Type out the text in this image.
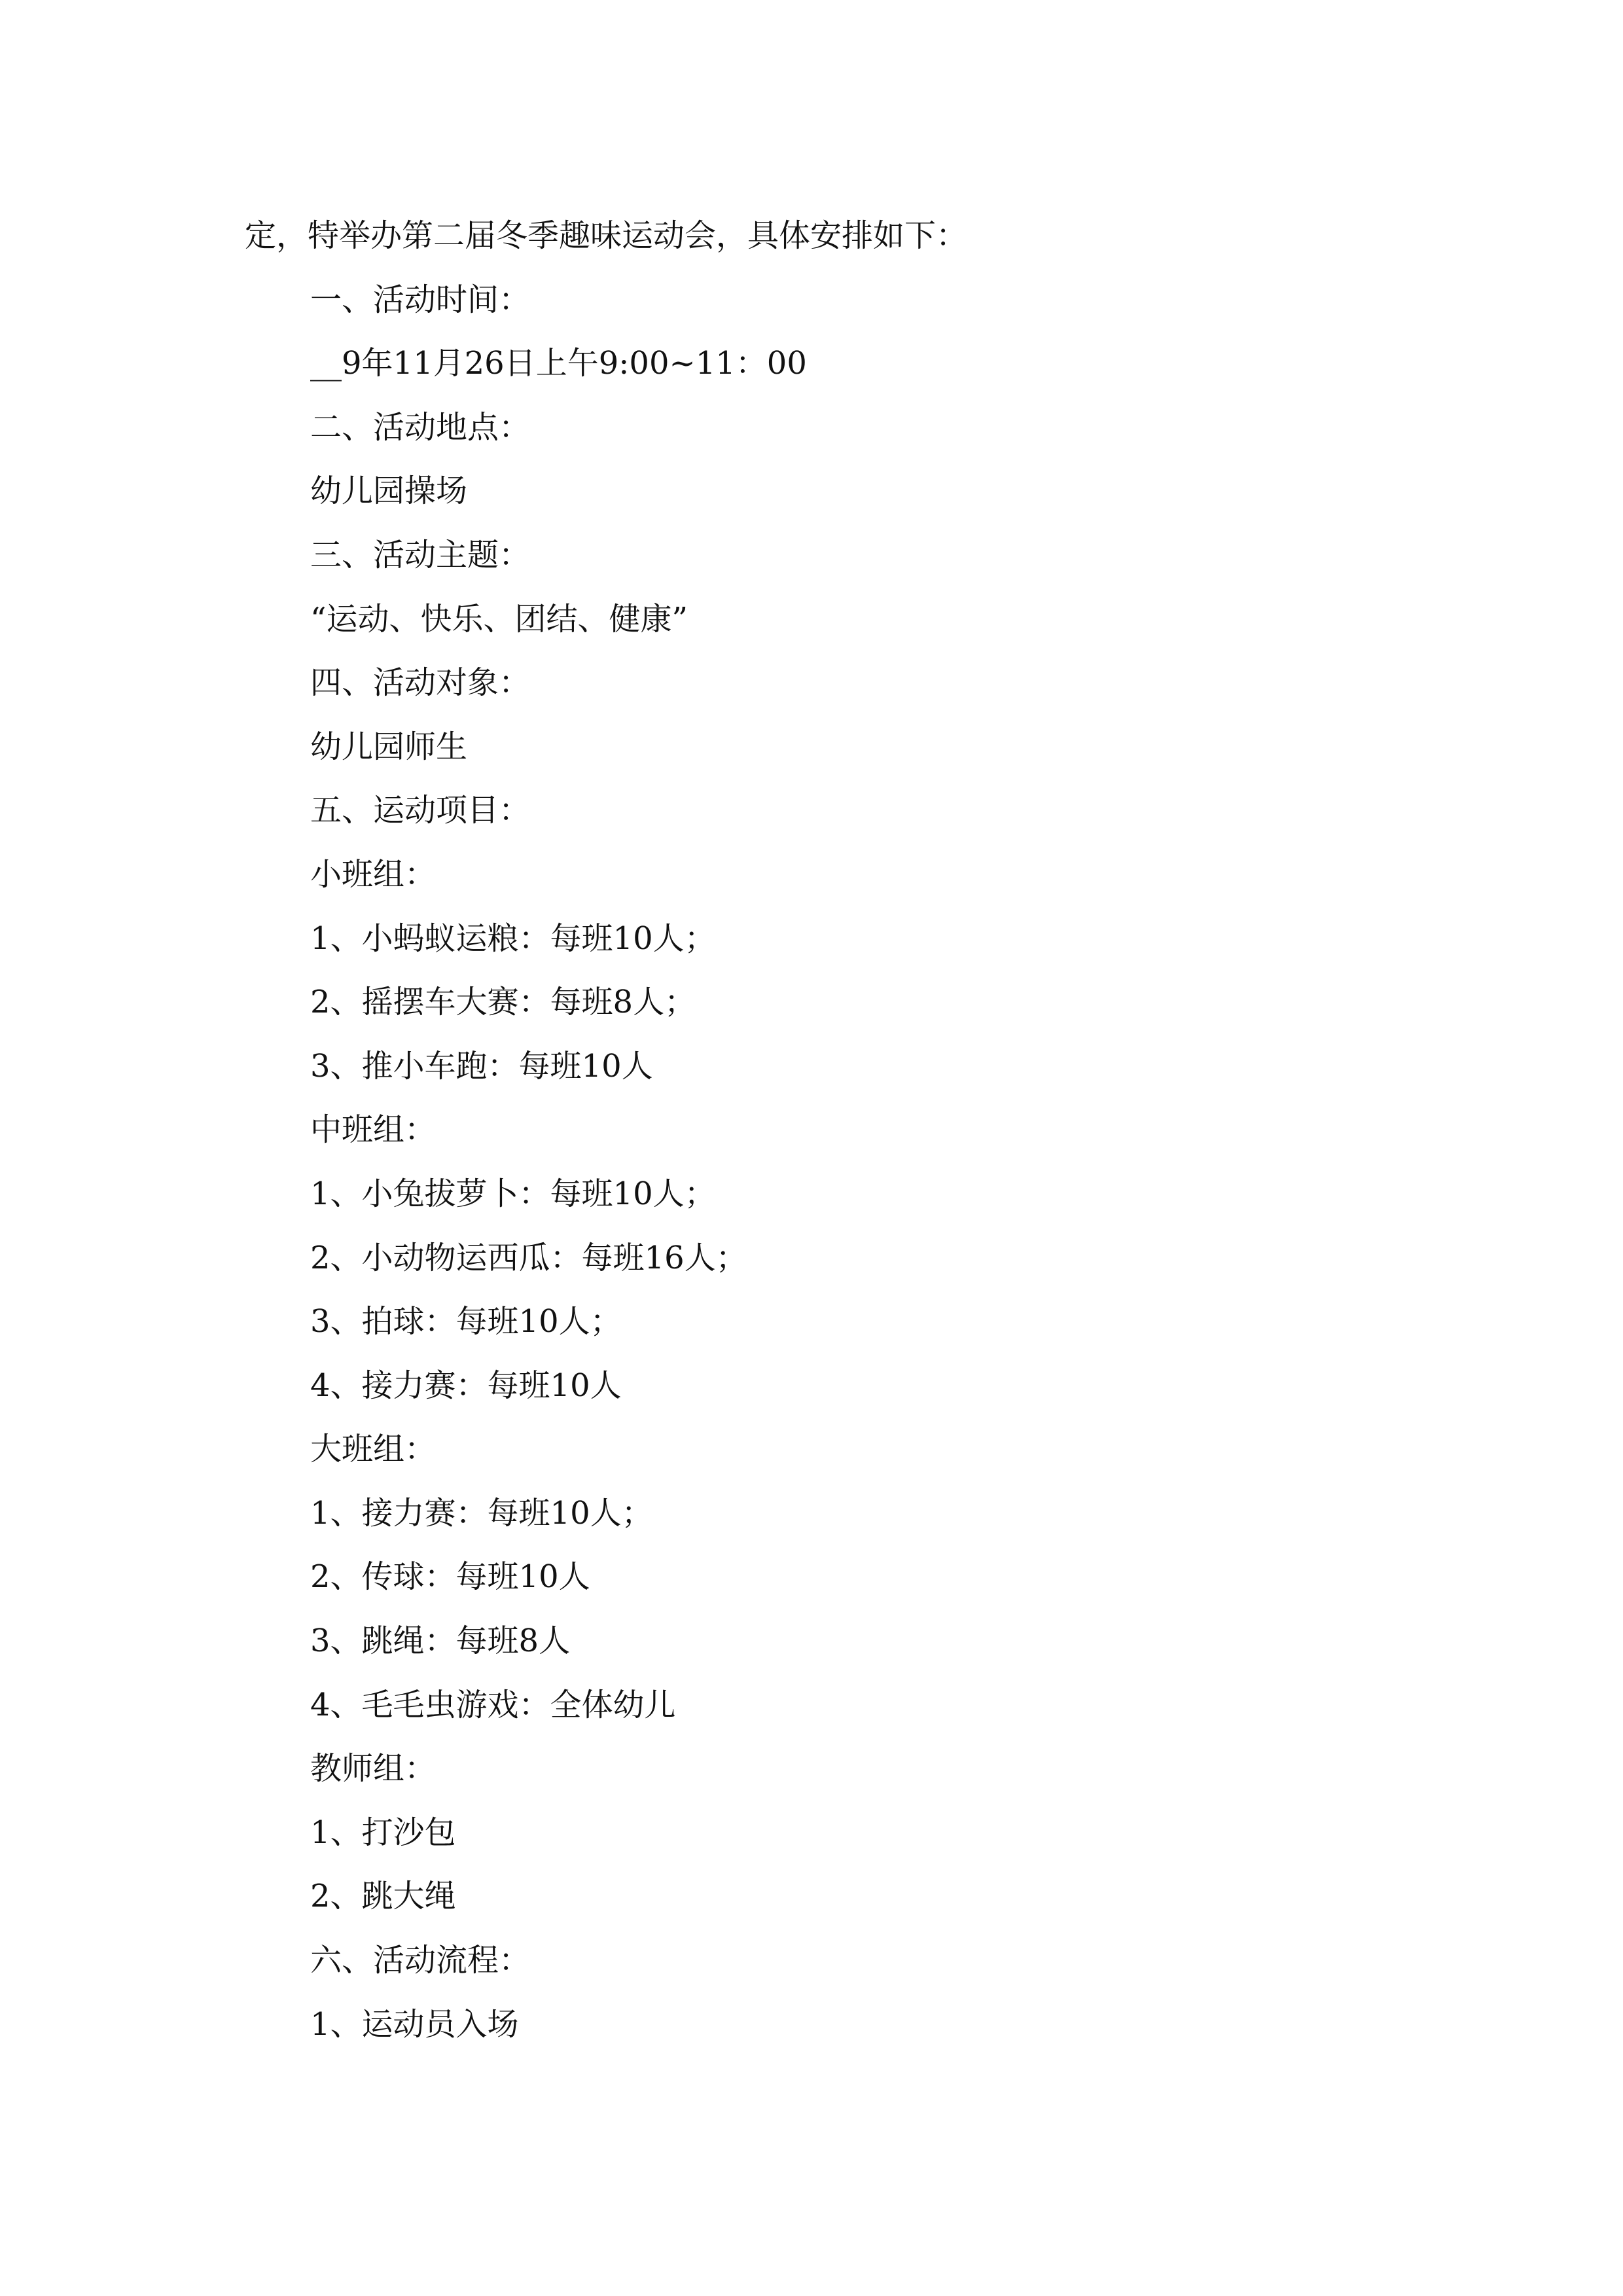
定，特举办第二届冬季趣味运动会，具体安排如下：
一、活动时间：
__9年11月26日上午9:00~11：00
二、活动地点：
幼儿园操场
三、活动主题：
“运动、快乐、团结、健康”
四、活动对象：
幼儿园师生
五、运动项目：
小班组：
1、小蚂蚁运粮：每班10人；
2、摇摆车大赛：每班8人；
3、推小车跑：每班10人
中班组：
1、小兔拔萝卜：每班10人；
2、小动物运西瓜：每班16人；
3、拍球：每班10人；
4、接力赛：每班10人
大班组：
1、接力赛：每班10人；
2、传球：每班10人
3、跳绳：每班8人
4、毛毛虫游戏：全体幼儿
教师组：
1、打沙包
2、跳大绳
六、活动流程：
1、运动员入场
